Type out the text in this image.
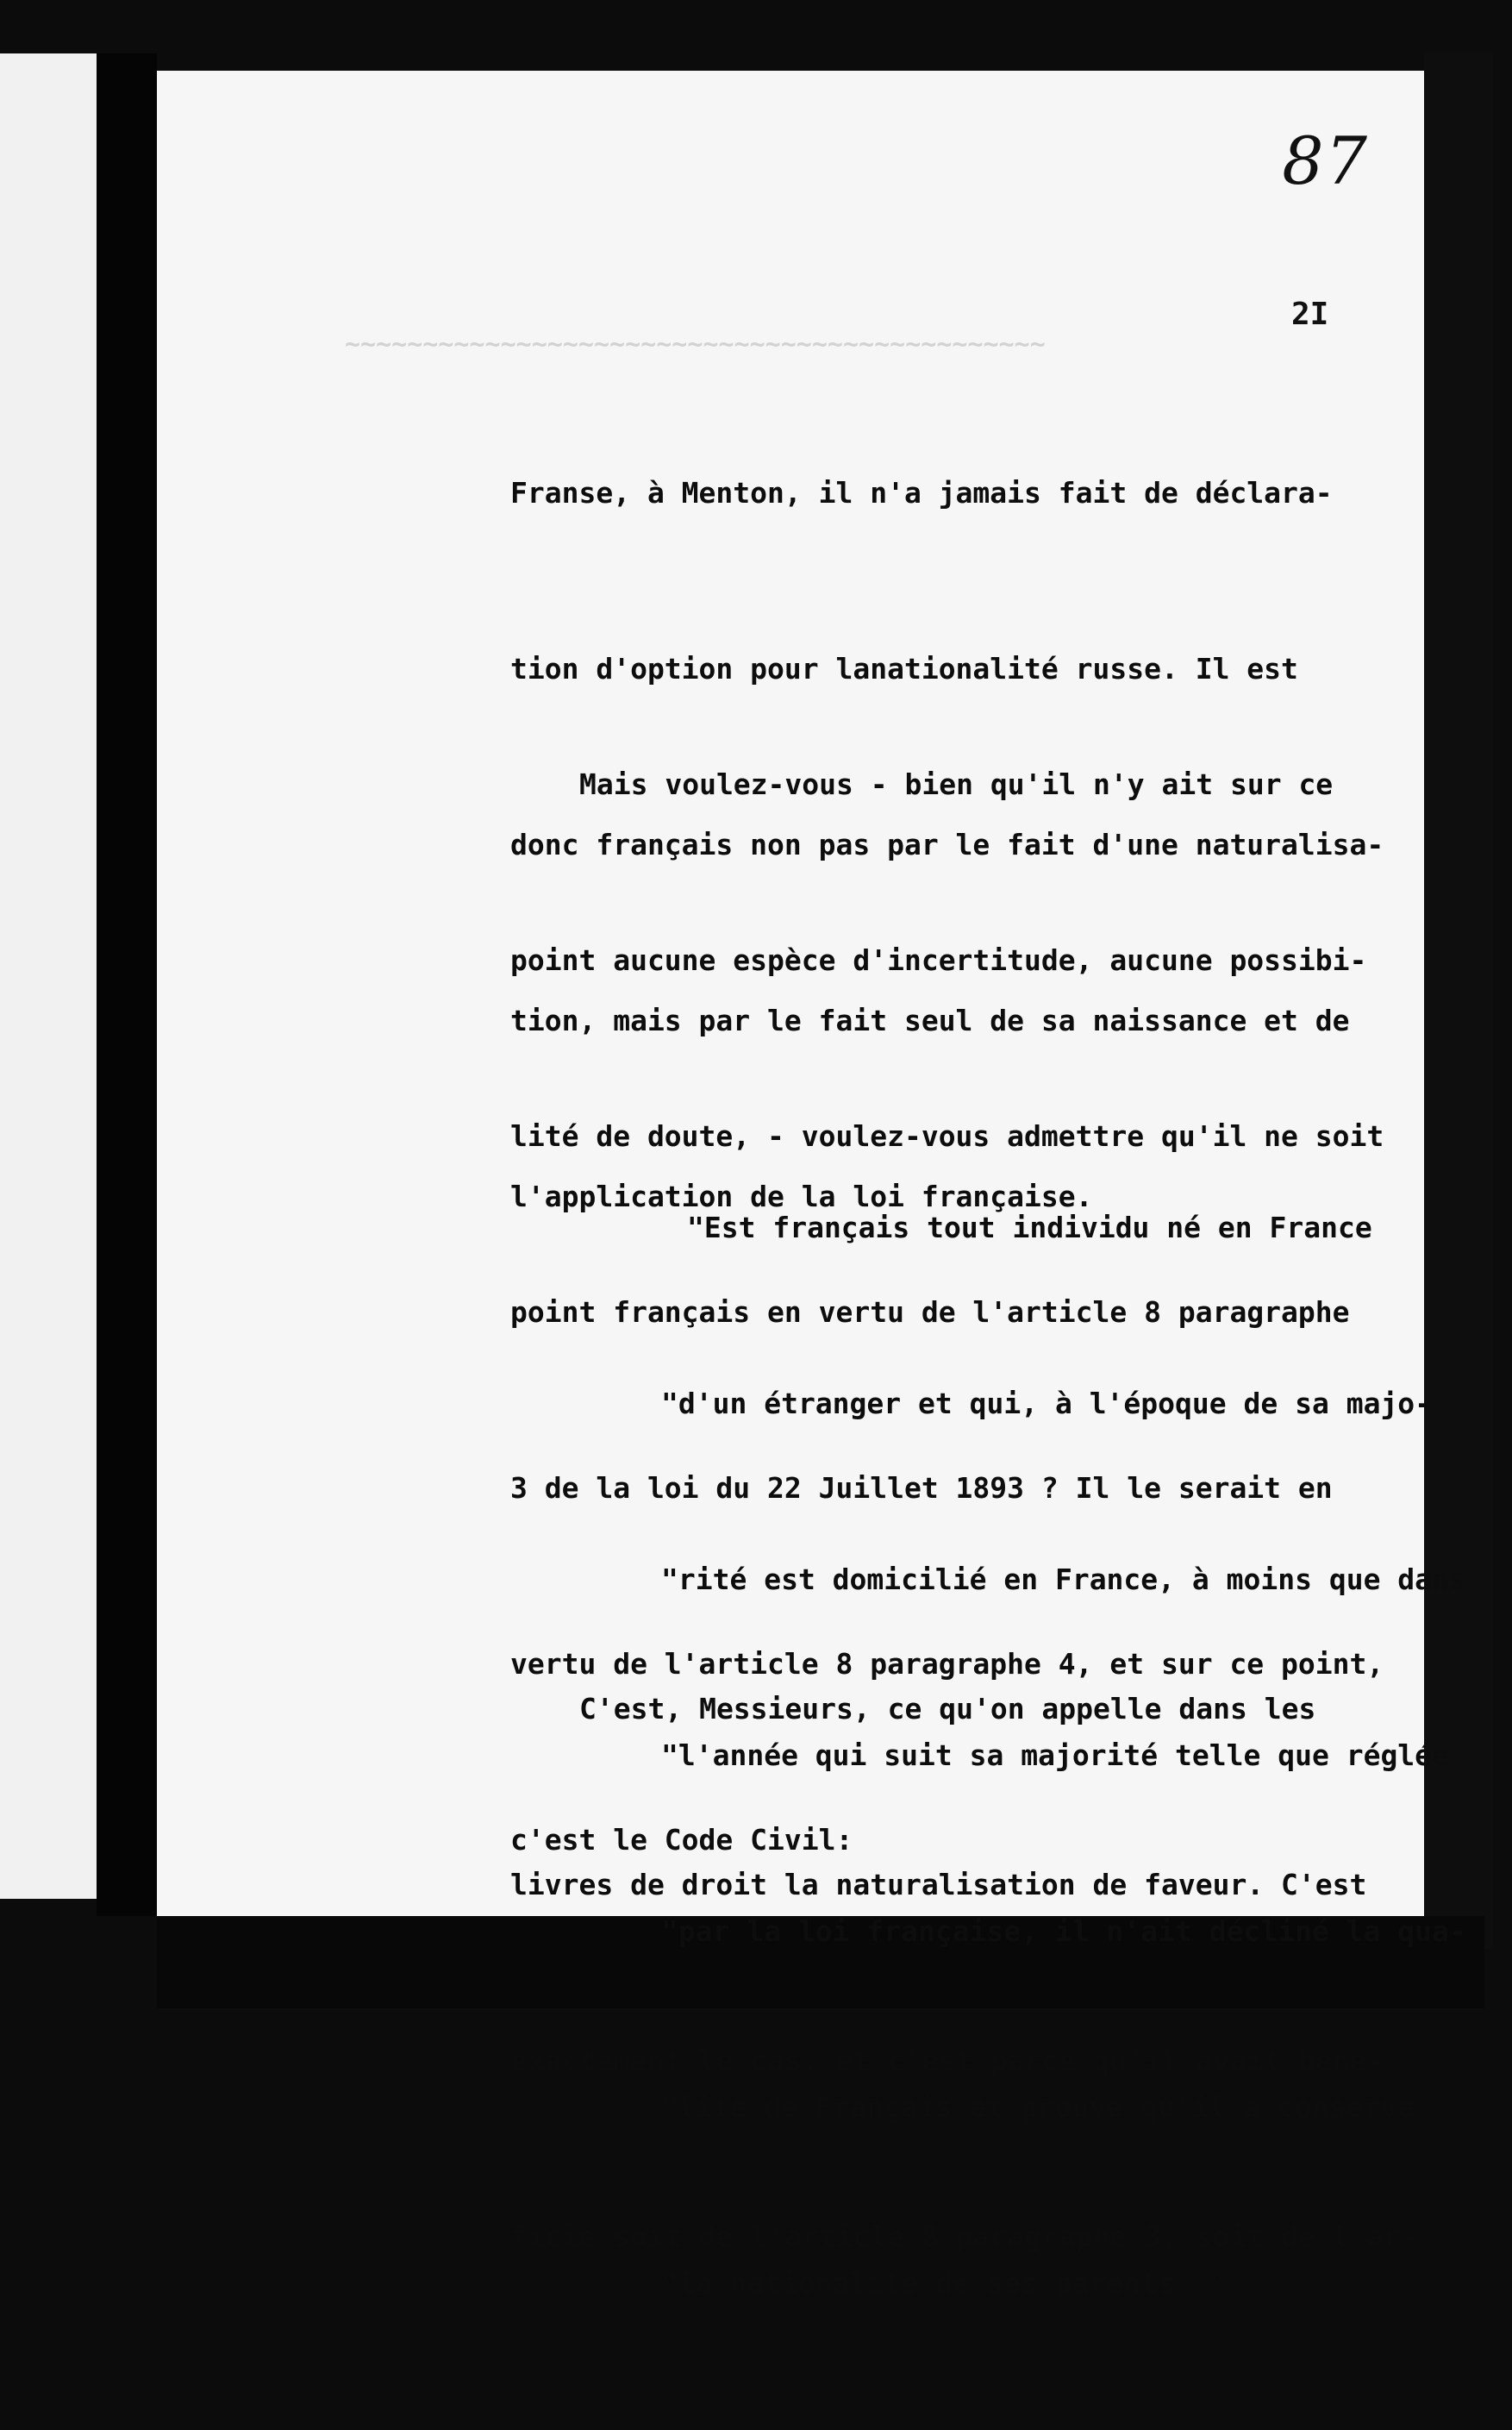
87
2I
~~~~~~~~~~~~~~~~~~~~~~~~~~~~~~~~~~~~~~~~~~~~~

Franse, à Menton, il n'a jamais fait de déclara-

tion d'option pour lanationalité russe. Il est

donc français non pas par le fait d'une naturalisa-

tion, mais par le fait seul de sa naissance et de

l'application de la loi française.

Mais voulez-vous - bien qu'il n'y ait sur ce

point aucune espèce d'incertitude, aucune possibi-

lité de doute, - voulez-vous admettre qu'il ne soit

point français en vertu de l'article 8 paragraphe

3 de la loi du 22 Juillet 1893 ? Il le serait en

vertu de l'article 8 paragraphe 4, et sur ce point,

c'est le Code Civil:

"Est français tout individu né en France

"d'un étranger et qui, à l'époque de sa majo-

"rité est domicilié en France, à moins que dans

"l'année qui suit sa majorité telle que réglée

"par la loi française, il n'ait décliné la qua-

"lité de Français et prouvé qu'il a conservé

"la nationalité de ses parents ."

C'est, Messieurs, ce qu'on appelle dans les

livres de droit la naturalisation de faveur. C'est

exactement le cas, et c'est parce qu'il avait béné-

ficié soit de l'article 8 paragraphe 3, soit de l'ar-
